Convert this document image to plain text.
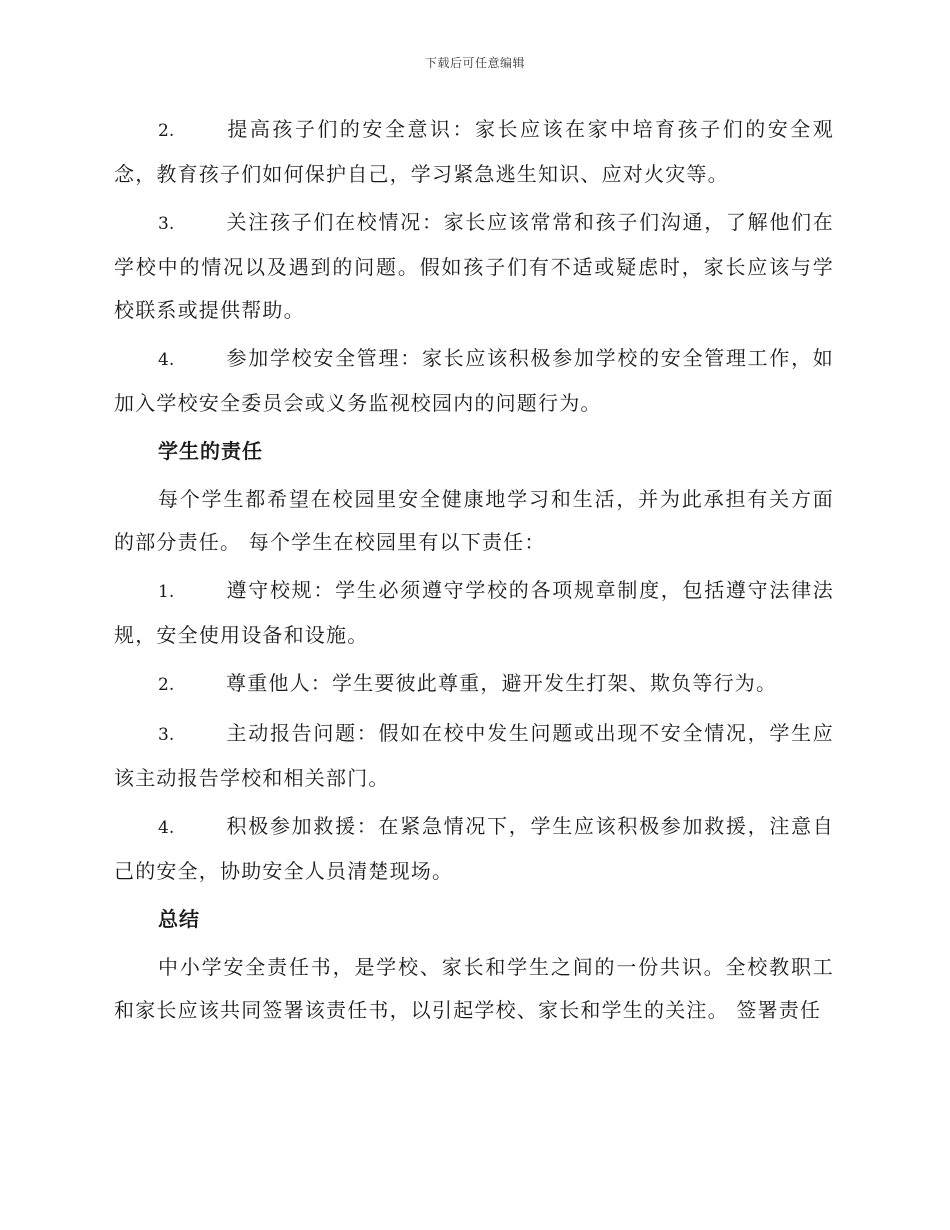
下载后可任意编辑

2.	提高孩子们的安全意识：家长应该在家中培育孩子们的安全观念，教育孩子们如何保护自己，学习紧急逃生知识、应对火灾等。

3.	关注孩子们在校情况：家长应该常常和孩子们沟通，了解他们在学校中的情况以及遇到的问题。假如孩子们有不适或疑虑时，家长应该与学校联系或提供帮助。

4.	参加学校安全管理：家长应该积极参加学校的安全管理工作，如加入学校安全委员会或义务监视校园内的问题行为。

学生的责任

每个学生都希望在校园里安全健康地学习和生活，并为此承担有关方面的部分责任。 每个学生在校园里有以下责任：

1.	遵守校规：学生必须遵守学校的各项规章制度，包括遵守法律法规，安全使用设备和设施。

2.	尊重他人：学生要彼此尊重，避开发生打架、欺负等行为。

3.	主动报告问题：假如在校中发生问题或出现不安全情况，学生应该主动报告学校和相关部门。

4.	积极参加救援：在紧急情况下，学生应该积极参加救援，注意自己的安全，协助安全人员清楚现场。

总结

中小学安全责任书，是学校、家长和学生之间的一份共识。全校教职工和家长应该共同签署该责任书，以引起学校、家长和学生的关注。 签署责任
